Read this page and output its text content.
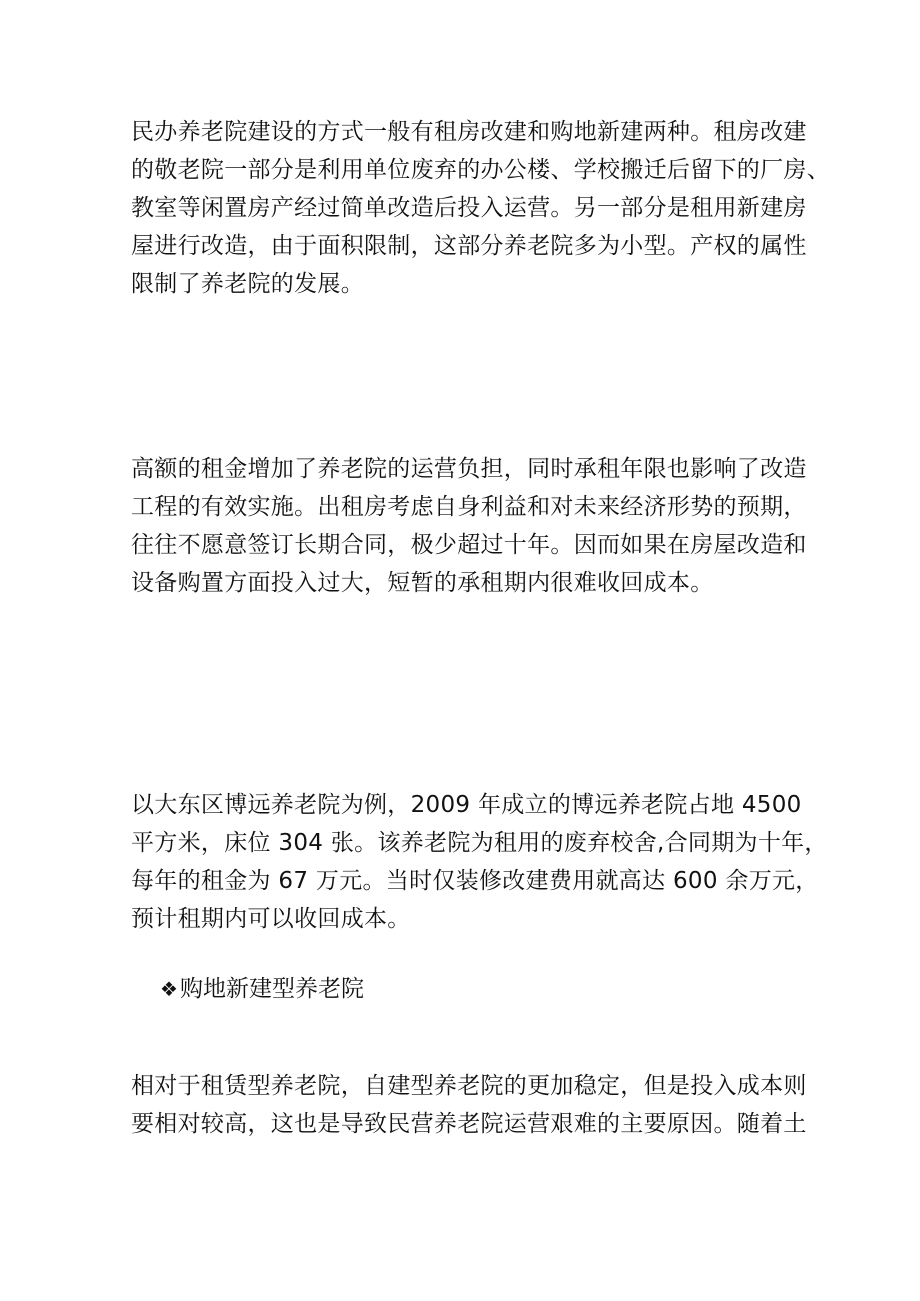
民办养老院建设的方式一般有租房改建和购地新建两种。租房改建
的敬老院一部分是利用单位废弃的办公楼、学校搬迁后留下的厂房、
教室等闲置房产经过简单改造后投入运营。另一部分是租用新建房
屋进行改造，由于面积限制，这部分养老院多为小型。产权的属性
限制了养老院的发展。

高额的租金增加了养老院的运营负担，同时承租年限也影响了改造
工程的有效实施。出租房考虑自身利益和对未来经济形势的预期，
往往不愿意签订长期合同，极少超过十年。因而如果在房屋改造和
设备购置方面投入过大，短暂的承租期内很难收回成本。

以大东区博远养老院为例，2009 年成立的博远养老院占地 4500
平方米，床位 304 张。该养老院为租用的废弃校舍,合同期为十年，
每年的租金为 67 万元。当时仅装修改建费用就高达 600 余万元，
预计租期内可以收回成本。

❖购地新建型养老院

相对于租赁型养老院，自建型养老院的更加稳定，但是投入成本则
要相对较高，这也是导致民营养老院运营艰难的主要原因。随着土
